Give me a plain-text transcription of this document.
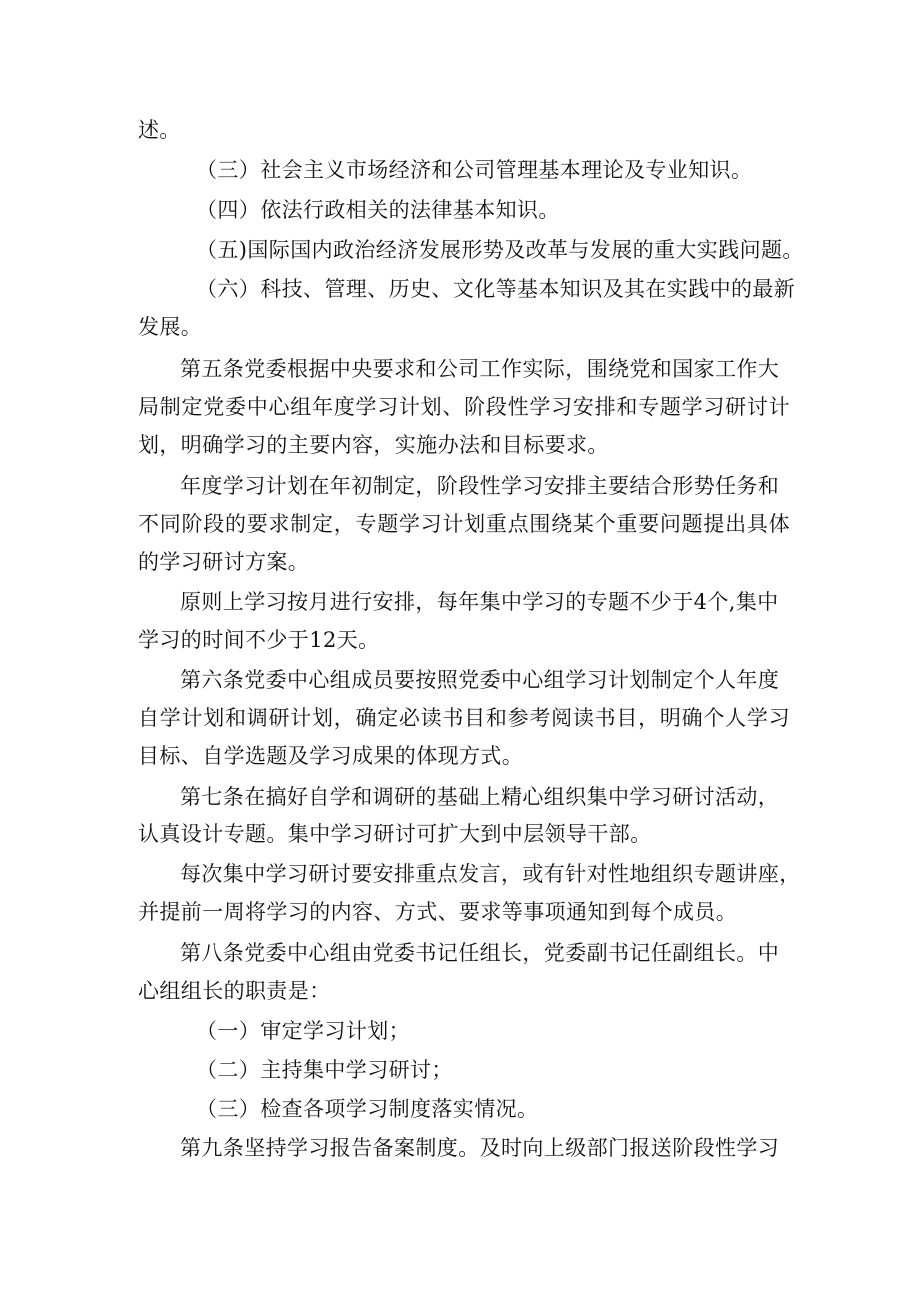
述。
（三）社会主义市场经济和公司管理基本理论及专业知识。
（四）依法行政相关的法律基本知识。
（五)国际国内政治经济发展形势及改革与发展的重大实践问题。
（六）科技、管理、历史、文化等基本知识及其在实践中的最新
发展。
第五条党委根据中央要求和公司工作实际，围绕党和国家工作大
局制定党委中心组年度学习计划、阶段性学习安排和专题学习研讨计
划，明确学习的主要内容，实施办法和目标要求。
年度学习计划在年初制定，阶段性学习安排主要结合形势任务和
不同阶段的要求制定，专题学习计划重点围绕某个重要问题提出具体
的学习研讨方案。
原则上学习按月进行安排，每年集中学习的专题不少于4个,集中
学习的时间不少于12天。
第六条党委中心组成员要按照党委中心组学习计划制定个人年度
自学计划和调研计划，确定必读书目和参考阅读书目，明确个人学习
目标、自学选题及学习成果的体现方式。
第七条在搞好自学和调研的基础上精心组织集中学习研讨活动，
认真设计专题。集中学习研讨可扩大到中层领导干部。
每次集中学习研讨要安排重点发言，或有针对性地组织专题讲座，
并提前一周将学习的内容、方式、要求等事项通知到每个成员。
第八条党委中心组由党委书记任组长，党委副书记任副组长。中
心组组长的职责是：
（一）审定学习计划；
（二）主持集中学习研讨；
（三）检查各项学习制度落实情况。
第九条坚持学习报告备案制度。及时向上级部门报送阶段性学习
